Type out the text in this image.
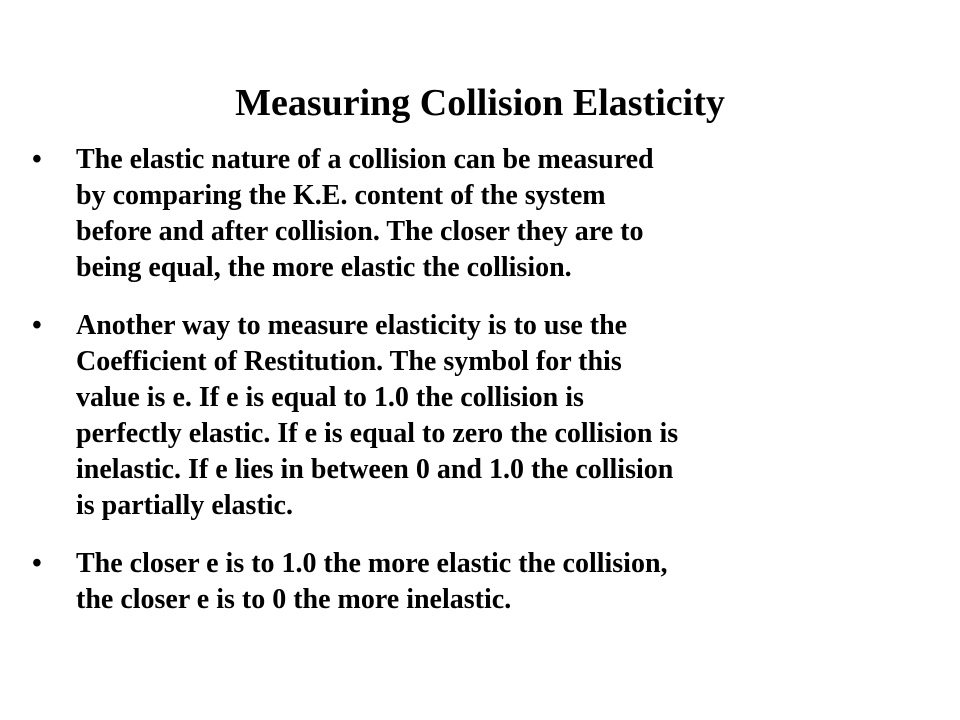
Measuring Collision Elasticity
• The elastic nature of a collision can be measured
by comparing the K.E. content of the system
before and after collision. The closer they are to
being equal, the more elastic the collision.
• Another way to measure elasticity is to use the
Coefficient of Restitution. The symbol for this
value is e. If e is equal to 1.0 the collision is
perfectly elastic. If e is equal to zero the collision is
inelastic. If e lies in between 0 and 1.0 the collision
is partially elastic.
• The closer e is to 1.0 the more elastic the collision,
the closer e is to 0 the more inelastic.
